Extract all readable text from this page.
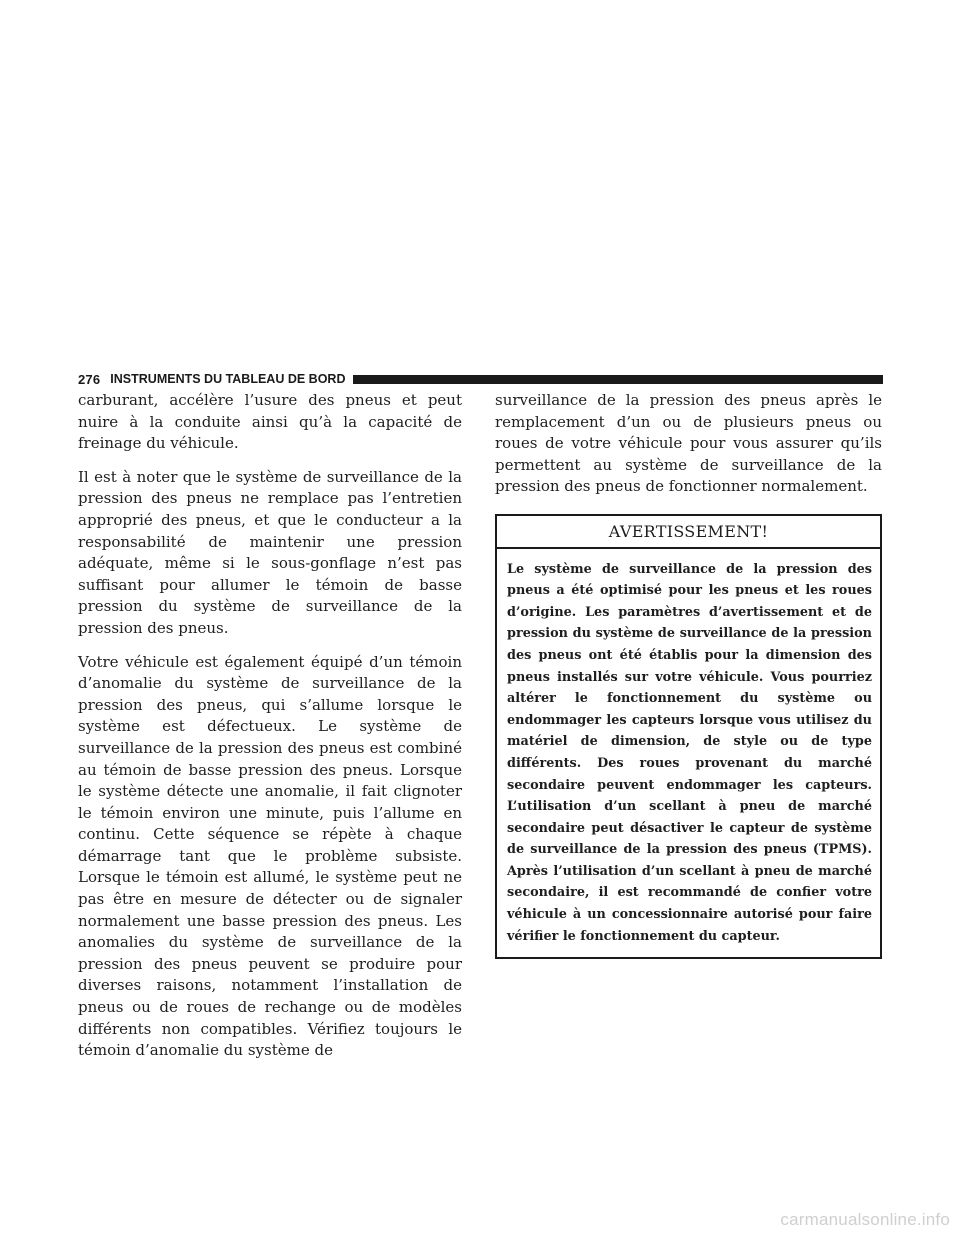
276 INSTRUMENTS DU TABLEAU DE BORD

carburant, accélère l’usure des pneus et peut nuire à la conduite ainsi qu’à la capacité de freinage du véhicule.

Il est à noter que le système de surveillance de la pression des pneus ne remplace pas l’entretien approprié des pneus, et que le conducteur a la responsabilité de maintenir une pression adéquate, même si le sous-gonflage n’est pas suffisant pour allumer le témoin de basse pression du système de surveillance de la pression des pneus.

Votre véhicule est également équipé d’un témoin d’anomalie du système de surveillance de la pression des pneus, qui s’allume lorsque le système est défectueux. Le système de surveillance de la pression des pneus est combiné au témoin de basse pression des pneus. Lorsque le système détecte une anomalie, il fait clignoter le témoin environ une minute, puis l’allume en continu. Cette séquence se répète à chaque démarrage tant que le problème subsiste. Lorsque le témoin est allumé, le système peut ne pas être en mesure de détecter ou de signaler normalement une basse pression des pneus. Les anomalies du système de surveillance de la pression des pneus peuvent se produire pour diverses raisons, notamment l’installation de pneus ou de roues de rechange ou de modèles différents non compatibles. Vérifiez toujours le témoin d’anomalie du système de

surveillance de la pression des pneus après le remplacement d’un ou de plusieurs pneus ou roues de votre véhicule pour vous assurer qu’ils permettent au système de surveillance de la pression des pneus de fonctionner normalement.

AVERTISSEMENT!
Le système de surveillance de la pression des pneus a été optimisé pour les pneus et les roues d’origine. Les paramètres d’avertissement et de pression du système de surveillance de la pression des pneus ont été établis pour la dimension des pneus installés sur votre véhicule. Vous pourriez altérer le fonctionnement du système ou endommager les capteurs lorsque vous utilisez du matériel de dimension, de style ou de type différents. Des roues provenant du marché secondaire peuvent endommager les capteurs. L’utilisation d’un scellant à pneu de marché secondaire peut désactiver le capteur de système de surveillance de la pression des pneus (TPMS). Après l’utilisation d’un scellant à pneu de marché secondaire, il est recommandé de confier votre véhicule à un concessionnaire autorisé pour faire vérifier le fonctionnement du capteur.
carmanualsonline.info
